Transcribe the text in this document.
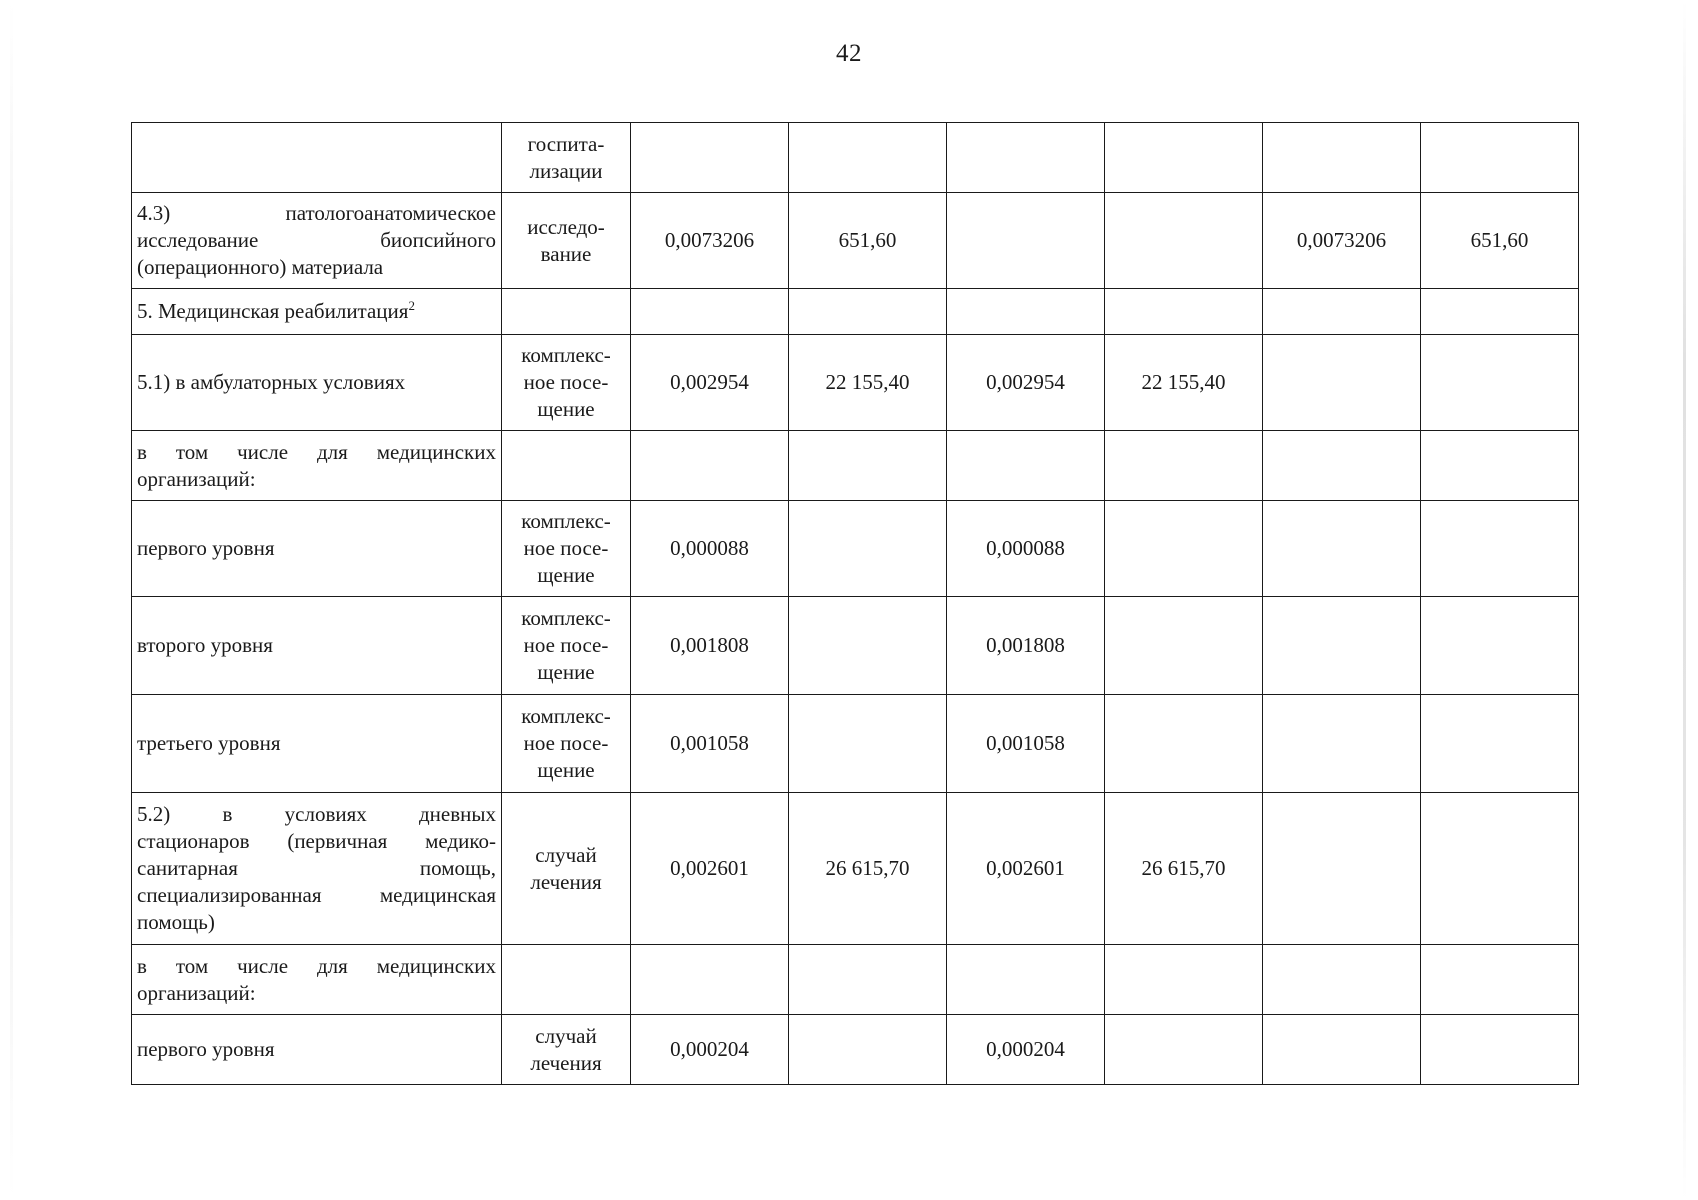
42

	госпита-
лизации						

4.3) патологоанатомическое
исследование биопсийного
(операционного) материала	исследо-
вание	0,0073206	651,60			0,0073206	651,60

5. Медицинская реабилитация$^2$

5.1) в амбулаторных условиях	комплекс-
ное посе-
щение	0,002954	22 155,40	0,002954	22 155,40		

в том числе для медицинских
организаций:							

первого уровня	комплекс-
ное посе-
щение	0,000088		0,000088			

второго уровня	комплекс-
ное посе-
щение	0,001808		0,001808			

третьего уровня	комплекс-
ное посе-
щение	0,001058		0,001058			

5.2) в условиях дневных
стационаров (первичная медико-
санитарная помощь,
специализированная медицинская
помощь)	случай
лечения	0,002601	26 615,70	0,002601	26 615,70		

в том числе для медицинских
организаций:							

первого уровня	случай
лечения	0,000204		0,000204			
